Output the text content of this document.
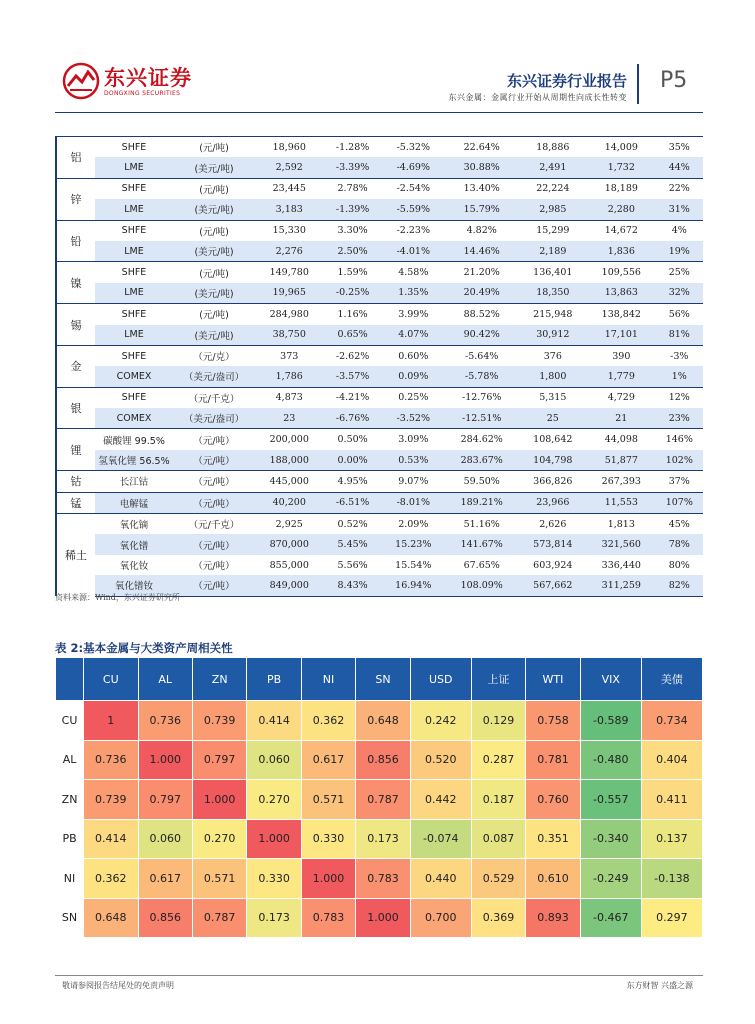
东兴证券
DONGXING SECURITIES
东兴证券行业报告
东兴金属：金属行业开始从周期性向成长性转变
P5
铝	SHFE	(元/吨)	18,960	-1.28%	-5.32%	22.64%	18,886	14,009	35%
	LME	(美元/吨)	2,592	-3.39%	-4.69%	30.88%	2,491	1,732	44%
锌	SHFE	(元/吨)	23,445	2.78%	-2.54%	13.40%	22,224	18,189	22%
	LME	(美元/吨)	3,183	-1.39%	-5.59%	15.79%	2,985	2,280	31%
铅	SHFE	(元/吨)	15,330	3.30%	-2.23%	4.82%	15,299	14,672	4%
	LME	(美元/吨)	2,276	2.50%	-4.01%	14.46%	2,189	1,836	19%
镍	SHFE	(元/吨)	149,780	1.59%	4.58%	21.20%	136,401	109,556	25%
	LME	(美元/吨)	19,965	-0.25%	1.35%	20.49%	18,350	13,863	32%
锡	SHFE	(元/吨)	284,980	1.16%	3.99%	88.52%	215,948	138,842	56%
	LME	(美元/吨)	38,750	0.65%	4.07%	90.42%	30,912	17,101	81%
金	SHFE	（元/克）	373	-2.62%	0.60%	-5.64%	376	390	-3%
	COMEX	（美元/盎司）	1,786	-3.57%	0.09%	-5.78%	1,800	1,779	1%
银	SHFE	（元/千克）	4,873	-4.21%	0.25%	-12.76%	5,315	4,729	12%
	COMEX	（美元/盎司）	23	-6.76%	-3.52%	-12.51%	25	21	23%
锂	碳酸锂 99.5%	（元/吨）	200,000	0.50%	3.09%	284.62%	108,642	44,098	146%
	氢氧化锂 56.5%	（元/吨）	188,000	0.00%	0.53%	283.67%	104,798	51,877	102%
钴	长江钴	（元/吨）	445,000	4.95%	9.07%	59.50%	366,826	267,393	37%
锰	电解锰	（元/吨）	40,200	-6.51%	-8.01%	189.21%	23,966	11,553	107%
稀土	氧化镝	（元/千克）	2,925	0.52%	2.09%	51.16%	2,626	1,813	45%
	氧化镨	（元/吨）	870,000	5.45%	15.23%	141.67%	573,814	321,560	78%
	氧化钕	（元/吨）	855,000	5.56%	15.54%	67.65%	603,924	336,440	80%
	氧化镨钕	（元/吨）	849,000	8.43%	16.94%	108.09%	567,662	311,259	82%
资料来源：Wind，东兴证券研究所
表 2:基本金属与大类资产周相关性
	CU	AL	ZN	PB	NI	SN	USD	上证	WTI	VIX	美债
CU	1	0.736	0.739	0.414	0.362	0.648	0.242	0.129	0.758	-0.589	0.734
AL	0.736	1.000	0.797	0.060	0.617	0.856	0.520	0.287	0.781	-0.480	0.404
ZN	0.739	0.797	1.000	0.270	0.571	0.787	0.442	0.187	0.760	-0.557	0.411
PB	0.414	0.060	0.270	1.000	0.330	0.173	-0.074	0.087	0.351	-0.340	0.137
NI	0.362	0.617	0.571	0.330	1.000	0.783	0.440	0.529	0.610	-0.249	-0.138
SN	0.648	0.856	0.787	0.173	0.783	1.000	0.700	0.369	0.893	-0.467	0.297
敬请参阅报告结尾处的免责声明	东方财智 兴盛之源
